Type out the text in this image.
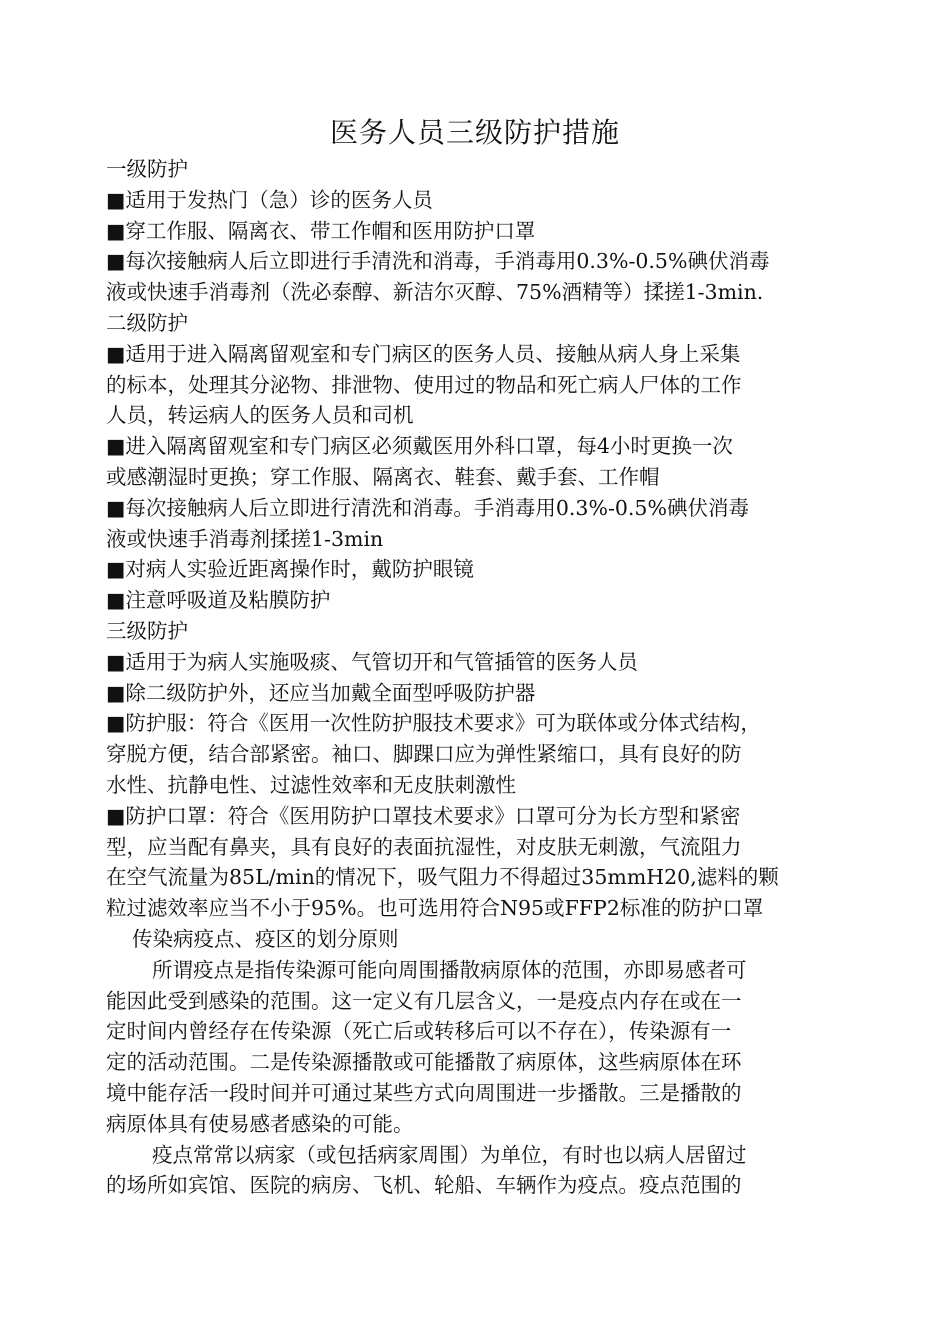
医务人员三级防护措施
一级防护
■适用于发热门（急）诊的医务人员
■穿工作服、隔离衣、带工作帽和医用防护口罩
■每次接触病人后立即进行手清洗和消毒，手消毒用0.3%-0.5%碘伏消毒
液或快速手消毒剂（洗必泰醇、新洁尔灭醇、75%酒精等）揉搓1-3min.
二级防护
■适用于进入隔离留观室和专门病区的医务人员、接触从病人身上采集
的标本，处理其分泌物、排泄物、使用过的物品和死亡病人尸体的工作
人员，转运病人的医务人员和司机
■进入隔离留观室和专门病区必须戴医用外科口罩，每4小时更换一次
或感潮湿时更换；穿工作服、隔离衣、鞋套、戴手套、工作帽
■每次接触病人后立即进行清洗和消毒。手消毒用0.3%-0.5%碘伏消毒
液或快速手消毒剂揉搓1-3min
■对病人实验近距离操作时，戴防护眼镜
■注意呼吸道及粘膜防护
三级防护
■适用于为病人实施吸痰、气管切开和气管插管的医务人员
■除二级防护外，还应当加戴全面型呼吸防护器
■防护服：符合《医用一次性防护服技术要求》可为联体或分体式结构，
穿脱方便，结合部紧密。袖口、脚踝口应为弹性紧缩口，具有良好的防
水性、抗静电性、过滤性效率和无皮肤刺激性
■防护口罩：符合《医用防护口罩技术要求》口罩可分为长方型和紧密
型，应当配有鼻夹，具有良好的表面抗湿性，对皮肤无刺激，气流阻力
在空气流量为85L/min的情况下，吸气阻力不得超过35mmH20,滤料的颗
粒过滤效率应当不小于95%。也可选用符合N95或FFP2标准的防护口罩
传染病疫点、疫区的划分原则
所谓疫点是指传染源可能向周围播散病原体的范围，亦即易感者可
能因此受到感染的范围。这一定义有几层含义，一是疫点内存在或在一
定时间内曾经存在传染源（死亡后或转移后可以不存在），传染源有一
定的活动范围。二是传染源播散或可能播散了病原体，这些病原体在环
境中能存活一段时间并可通过某些方式向周围进一步播散。三是播散的
病原体具有使易感者感染的可能。
疫点常常以病家（或包括病家周围）为单位，有时也以病人居留过
的场所如宾馆、医院的病房、飞机、轮船、车辆作为疫点。疫点范围的
